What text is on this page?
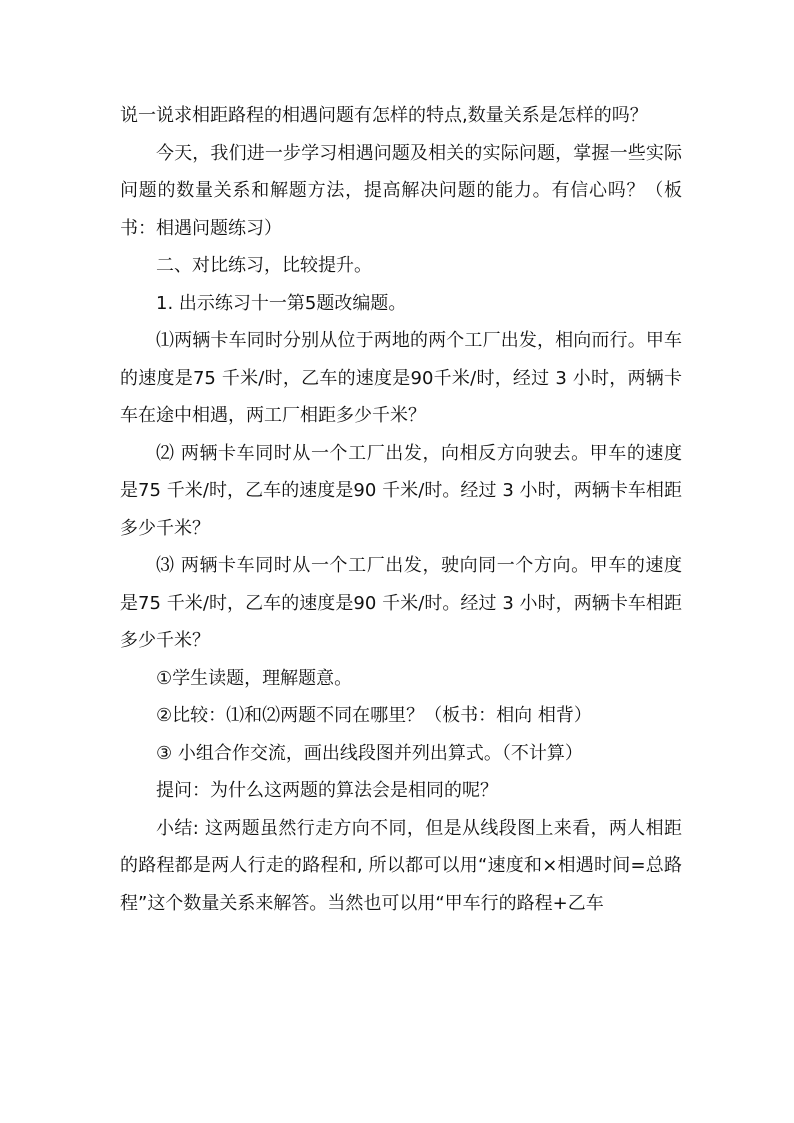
说一说求相距路程的相遇问题有怎样的特点,数量关系是怎样的吗？

今天，我们进一步学习相遇问题及相关的实际问题，掌握一些实际问题的数量关系和解题方法，提高解决问题的能力。有信心吗？（板书：相遇问题练习）

二、对比练习，比较提升。

1. 出示练习十一第5题改编题。

⑴两辆卡车同时分别从位于两地的两个工厂出发，相向而行。甲车的速度是75 千米/时，乙车的速度是90千米/时，经过 3 小时，两辆卡车在途中相遇，两工厂相距多少千米？

⑵ 两辆卡车同时从一个工厂出发，向相反方向驶去。甲车的速度是75 千米/时，乙车的速度是90 千米/时。经过 3 小时，两辆卡车相距多少千米？

⑶ 两辆卡车同时从一个工厂出发，驶向同一个方向。甲车的速度是75 千米/时，乙车的速度是90 千米/时。经过 3 小时，两辆卡车相距多少千米？

①学生读题，理解题意。

②比较：⑴和⑵两题不同在哪里？（板书：相向 相背）

③ 小组合作交流，画出线段图并列出算式。（不计算）

提问：为什么这两题的算法会是相同的呢？

小结: 这两题虽然行走方向不同，但是从线段图上来看，两人相距的路程都是两人行走的路程和, 所以都可以用“速度和×相遇时间=总路程”这个数量关系来解答。当然也可以用“甲车行的路程+乙车
